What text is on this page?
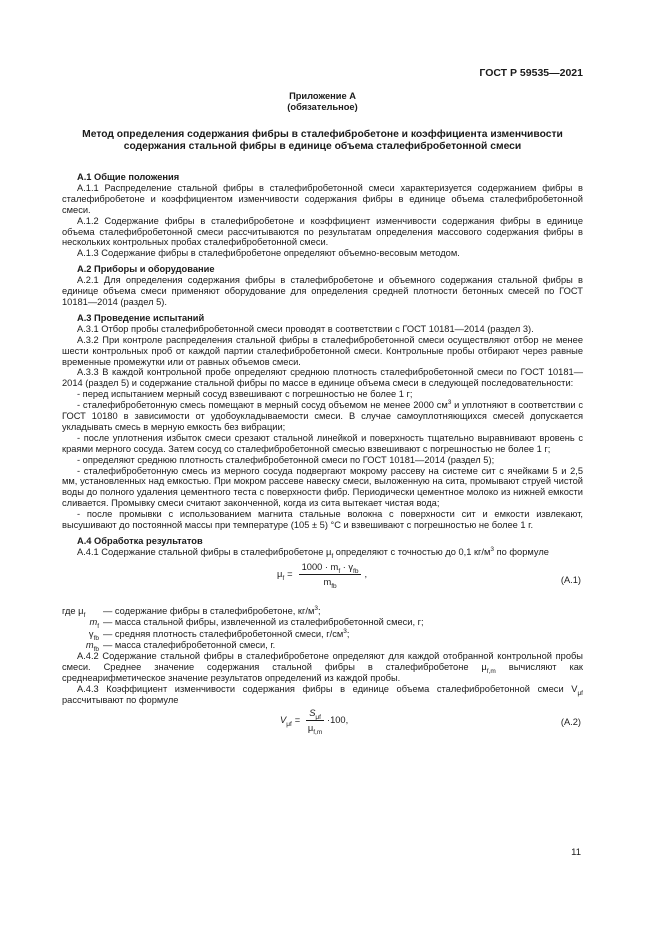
ГОСТ Р 59535—2021
Приложение А
(обязательное)
Метод определения содержания фибры в сталефибробетоне и коэффициента изменчивости
содержания стальной фибры в единице объема сталефибробетонной смеси
А.1 Общие положения

А.1.1 Распределение стальной фибры в сталефибробетонной смеси характеризуется содержанием фибры в сталефибробетоне и коэффициентом изменчивости содержания фибры в единице объема сталефибробетонной смеси.

А.1.2 Содержание фибры в сталефибробетоне и коэффициент изменчивости содержания фибры в единице объема сталефибробетонной смеси рассчитываются по результатам определения массового содержания фибры в нескольких контрольных пробах сталефибробетонной смеси.

А.1.3 Содержание фибры в сталефибробетоне определяют объемно-весовым методом.

А.2 Приборы и оборудование

А.2.1 Для определения содержания фибры в сталефибробетоне и объемного содержания стальной фибры в единице объема смеси применяют оборудование для определения средней плотности бетонных смесей по ГОСТ 10181—2014 (раздел 5).

А.3 Проведение испытаний

А.3.1 Отбор пробы сталефибробетонной смеси проводят в соответствии с ГОСТ 10181—2014 (раздел 3).

А.3.2 При контроле распределения стальной фибры в сталефибробетонной смеси осуществляют отбор не менее шести контрольных проб от каждой партии сталефибробетонной смеси. Контрольные пробы отбирают через равные временные промежутки или от равных объемов смеси.

А.3.3 В каждой контрольной пробе определяют среднюю плотность сталефибробетонной смеси по ГОСТ 10181—2014 (раздел 5) и содержание стальной фибры по массе в единице объема смеси в следующей последовательности:

- перед испытанием мерный сосуд взвешивают с погрешностью не более 1 г;

- сталефибробетонную смесь помещают в мерный сосуд объемом не менее 2000 $см^3$ и уплотняют в соответствии с ГОСТ 10180 в зависимости от удобоукладываемости смеси. В случае самоуплотняющихся смесей допускается укладывать смесь в мерную емкость без вибрации;

- после уплотнения избыток смеси срезают стальной линейкой и поверхность тщательно выравнивают вровень с краями мерного сосуда. Затем сосуд со сталефибробетонной смесью взвешивают с погрешностью не более 1 г;

- определяют среднюю плотность сталефибробетонной смеси по ГОСТ 10181—2014 (раздел 5);

- сталефибробетонную смесь из мерного сосуда подвергают мокрому рассеву на системе сит с ячейками 5 и 2,5 мм, установленных над емкостью. При мокром рассеве навеску смеси, выложенную на сита, промывают струей чистой воды до полного удаления цементного теста с поверхности фибр. Периодически цементное молоко из нижней емкости сливается. Промывку смеси считают законченной, когда из сита вытекает чистая вода;

- после промывки с использованием магнита стальные волокна с поверхности сит и емкости извлекают, высушивают до постоянной массы при температуре (105 ± 5) °С и взвешивают с погрешностью не более 1 г.

А.4 Обработка результатов

А.4.1 Содержание стальной фибры в сталефибробетоне $\mu_f$ определяют с точностью до 0,1 $кг/м^3$ по формуле

$\mu_f$ =
$1000 \cdot m_f \cdot \gamma_{fb}$
$m_{fb}$
,
(А.1)
где $\mu_f$	— содержание фибры в сталефибробетоне, $кг/м^3$;
$m_f$ — масса стальной фибры, извлеченной из сталефибробетонной смеси, г;
$\gamma_{fb}$ — средняя плотность сталефибробетонной смеси, $г/см^3$;
$m_{fb}$ — масса сталефибробетонной смеси, г.

А.4.2 Содержание стальной фибры в сталефибробетоне определяют для каждой отобранной контрольной пробы смеси. Среднее значение содержания стальной фибры в сталефибробетоне $\mu_{f,m}$ вычисляют как среднеарифметическое значение результатов определений из каждой пробы.

А.4.3 Коэффициент изменчивости содержания фибры в единице объема сталефибробетонной смеси $V_{\mu f}$ рассчитывают по формуле

$V_{\mu f}$ =
$S_{\mu f}$
$\mu_{f,m}$
·100,	(А.2)
11
